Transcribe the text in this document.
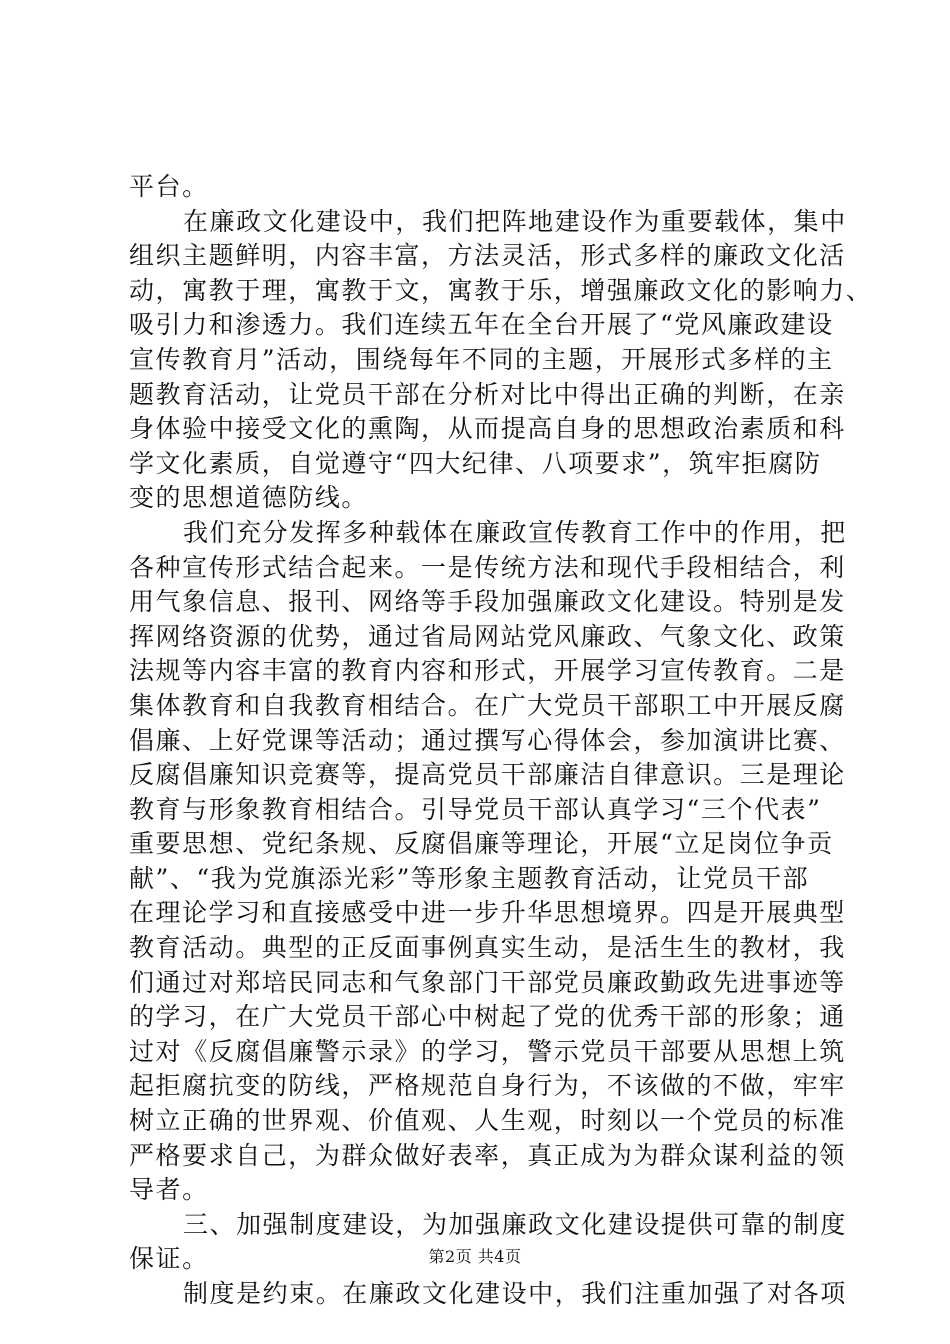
平台。
在廉政文化建设中，我们把阵地建设作为重要载体，集中
组织主题鲜明，内容丰富，方法灵活，形式多样的廉政文化活
动，寓教于理，寓教于文，寓教于乐，增强廉政文化的影响力、
吸引力和渗透力。我们连续五年在全台开展了“党风廉政建设
宣传教育月”活动，围绕每年不同的主题，开展形式多样的主
题教育活动，让党员干部在分析对比中得出正确的判断，在亲
身体验中接受文化的熏陶，从而提高自身的思想政治素质和科
学文化素质，自觉遵守“四大纪律、八项要求”，筑牢拒腐防
变的思想道德防线。
我们充分发挥多种载体在廉政宣传教育工作中的作用，把
各种宣传形式结合起来。一是传统方法和现代手段相结合，利
用气象信息、报刊、网络等手段加强廉政文化建设。特别是发
挥网络资源的优势，通过省局网站党风廉政、气象文化、政策
法规等内容丰富的教育内容和形式，开展学习宣传教育。二是
集体教育和自我教育相结合。在广大党员干部职工中开展反腐
倡廉、上好党课等活动；通过撰写心得体会，参加演讲比赛、
反腐倡廉知识竞赛等，提高党员干部廉洁自律意识。三是理论
教育与形象教育相结合。引导党员干部认真学习“三个代表”
重要思想、党纪条规、反腐倡廉等理论，开展“立足岗位争贡
献”、“我为党旗添光彩”等形象主题教育活动，让党员干部
在理论学习和直接感受中进一步升华思想境界。四是开展典型
教育活动。典型的正反面事例真实生动，是活生生的教材，我
们通过对郑培民同志和气象部门干部党员廉政勤政先进事迹等
的学习，在广大党员干部心中树起了党的优秀干部的形象；通
过对《反腐倡廉警示录》的学习，警示党员干部要从思想上筑
起拒腐抗变的防线，严格规范自身行为，不该做的不做，牢牢
树立正确的世界观、价值观、人生观，时刻以一个党员的标准
严格要求自己，为群众做好表率，真正成为为群众谋利益的领
导者。
三、加强制度建设，为加强廉政文化建设提供可靠的制度
保证。
制度是约束。在廉政文化建设中，我们注重加强了对各项
第2页 共4页
